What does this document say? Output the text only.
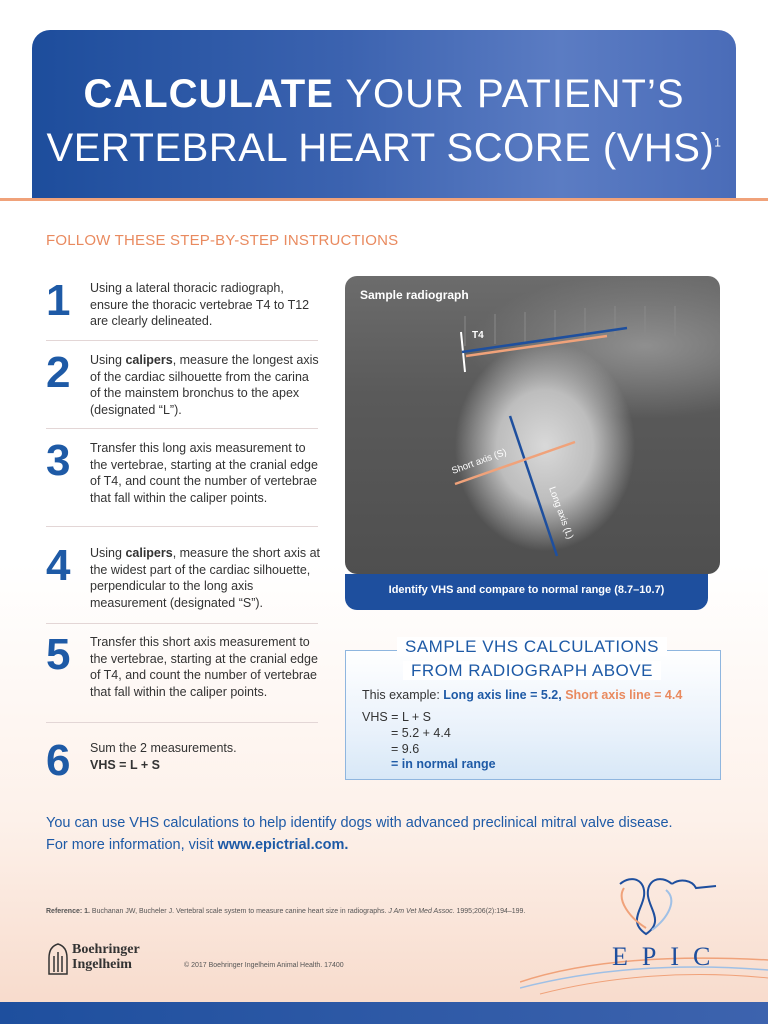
CALCULATE YOUR PATIENT’S
VERTEBRAL HEART SCORE (VHS)$^1$
FOLLOW THESE STEP-BY-STEP INSTRUCTIONS
1 Using a lateral thoracic radiograph, ensure the thoracic vertebrae T4 to T12 are clearly delineated.
2 Using calipers, measure the longest axis of the cardiac silhouette from the carina of the mainstem bronchus to the apex (designated “L”).
3 Transfer this long axis measurement to the vertebrae, starting at the cranial edge of T4, and count the number of vertebrae that fall within the caliper points.
4 Using calipers, measure the short axis at the widest part of the cardiac silhouette, perpendicular to the long axis measurement (designated “S”).
5 Transfer this short axis measurement to the vertebrae, starting at the cranial edge of T4, and count the number of vertebrae that fall within the caliper points.
6 Sum the 2 measurements.
VHS = L + S
T4
Short axis (S)
Long axis (L)
Sample radiograph
Identify VHS and compare to normal range (8.7–10.7)
SAMPLE VHS CALCULATIONS
FROM RADIOGRAPH ABOVE
This example: Long axis line = 5.2, Short axis line = 4.4
VHS = L + S
= 5.2 + 4.4
= 9.6
= in normal range
You can use VHS calculations to help identify dogs with advanced preclinical mitral valve disease.
For more information, visit www.epictrial.com.
Reference: 1. Buchanan JW, Bucheler J. Vertebral scale system to measure canine heart size in radiographs. J Am Vet Med Assoc. 1995;206(2):194–199.
Boehringer
Ingelheim	© 2017 Boehringer Ingelheim Animal Health. 17400	EPIC
